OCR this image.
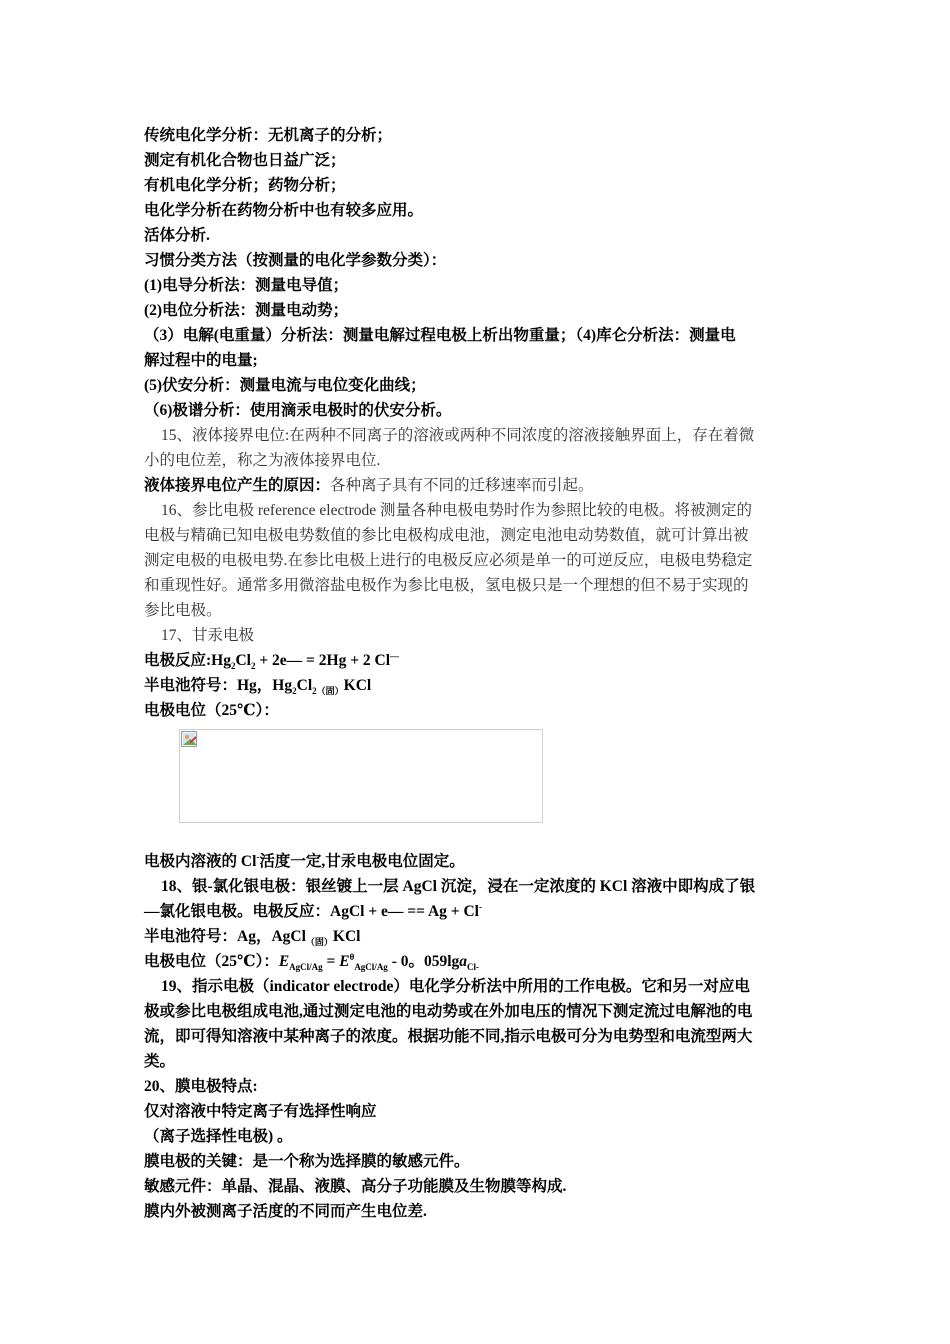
传统电化学分析：无机离子的分析；
测定有机化合物也日益广泛；
有机电化学分析；药物分析；
电化学分析在药物分析中也有较多应用。
活体分析.
习惯分类方法（按测量的电化学参数分类）：
(1)电导分析法：测量电导值；
(2)电位分析法：测量电动势；
（3）电解(电重量）分析法：测量电解过程电极上析出物重量；（4)库仑分析法：测量电
解过程中的电量;
(5)伏安分析：测量电流与电位变化曲线；
（6)极谱分析：使用滴汞电极时的伏安分析。
15、液体接界电位:在两种不同离子的溶液或两种不同浓度的溶液接触界面上，存在着微
小的电位差，称之为液体接界电位.
液体接界电位产生的原因：各种离子具有不同的迁移速率而引起。
16、参比电极 reference electrode 测量各种电极电势时作为参照比较的电极。将被测定的
电极与精确已知电极电势数值的参比电极构成电池，测定电池电动势数值，就可计算出被
测定电极的电极电势.在参比电极上进行的电极反应必须是单一的可逆反应，电极电势稳定
和重现性好。通常多用微溶盐电极作为参比电极，氢电极只是一个理想的但不易于实现的
参比电极。
17、甘汞电极
电极反应$:Hg_2Cl_2$ + 2e— = 2Hg + 2 Cl—
半电池符号：Hg，$Hg_2Cl_{2(固)}KCl$
电极电位（25℃）：
电极内溶液的 Cl-活度一定,甘汞电极电位固定。
18、银-氯化银电极：银丝镀上一层 AgCl 沉淀，浸在一定浓度的 KCl 溶液中即构成了银
—氯化银电极。电极反应：AgCl + e— == Ag + Cl-
半电池符号：Ag，AgCl$_{(固)}$KCl
电极电位（25℃）：$E_{AgCl/Ag} = E^\theta_{AgCl/Ag} - 0$。059lga$_{Cl-}$
19、指示电极（indicator electrode）电化学分析法中所用的工作电极。它和另一对应电
极或参比电极组成电池,通过测定电池的电动势或在外加电压的情况下测定流过电解池的电
流，即可得知溶液中某种离子的浓度。根据功能不同,指示电极可分为电势型和电流型两大
类。
20、膜电极特点:
仅对溶液中特定离子有选择性响应
（离子选择性电极) 。
膜电极的关键：是一个称为选择膜的敏感元件。
敏感元件：单晶、混晶、液膜、高分子功能膜及生物膜等构成.
膜内外被测离子活度的不同而产生电位差.
